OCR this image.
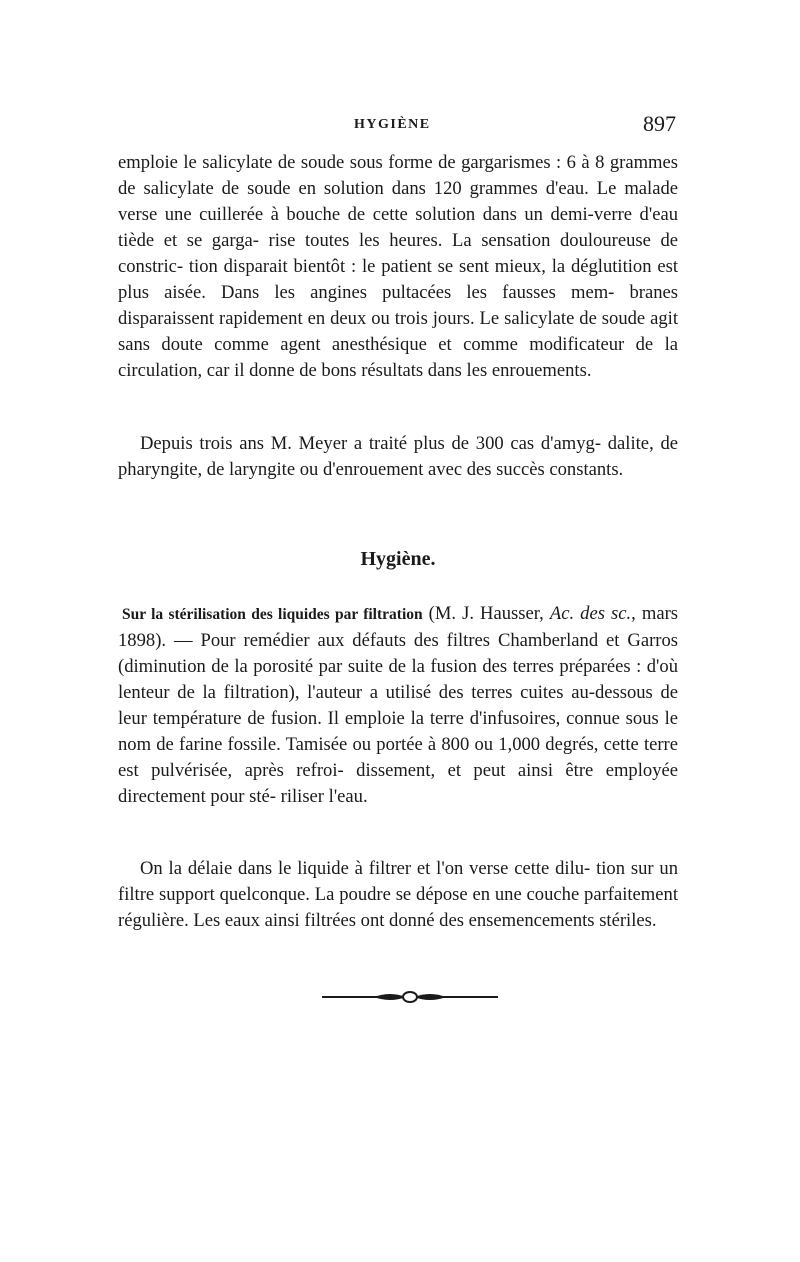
HYGIÈNE	897

emploie le salicylate de soude sous forme de gargarismes : 6 à 8 grammes de salicylate de soude en solution dans 120 grammes d'eau. Le malade verse une cuillerée à bouche de cette solution dans un demi-verre d'eau tiède et se garga- rise toutes les heures. La sensation douloureuse de constric- tion disparait bientôt : le patient se sent mieux, la déglutition est plus aisée. Dans les angines pultacées les fausses mem- branes disparaissent rapidement en deux ou trois jours. Le salicylate de soude agit sans doute comme agent anesthésique et comme modificateur de la circulation, car il donne de bons résultats dans les enrouements.

Depuis trois ans M. Meyer a traité plus de 300 cas d'amyg- dalite, de pharyngite, de laryngite ou d'enrouement avec des succès constants.

Hygiène.

Sur la stérilisation des liquides par filtration (M. J. Hausser, Ac. des sc., mars 1898). — Pour remédier aux défauts des filtres Chamberland et Garros (diminution de la porosité par suite de la fusion des terres préparées : d'où lenteur de la filtration), l'auteur a utilisé des terres cuites au-dessous de leur température de fusion. Il emploie la terre d'infusoires, connue sous le nom de farine fossile. Tamisée ou portée à 800 ou 1,000 degrés, cette terre est pulvérisée, après refroi- dissement, et peut ainsi être employée directement pour sté- riliser l'eau.

On la délaie dans le liquide à filtrer et l'on verse cette dilu- tion sur un filtre support quelconque. La poudre se dépose en une couche parfaitement régulière. Les eaux ainsi filtrées ont donné des ensemencements stériles.
